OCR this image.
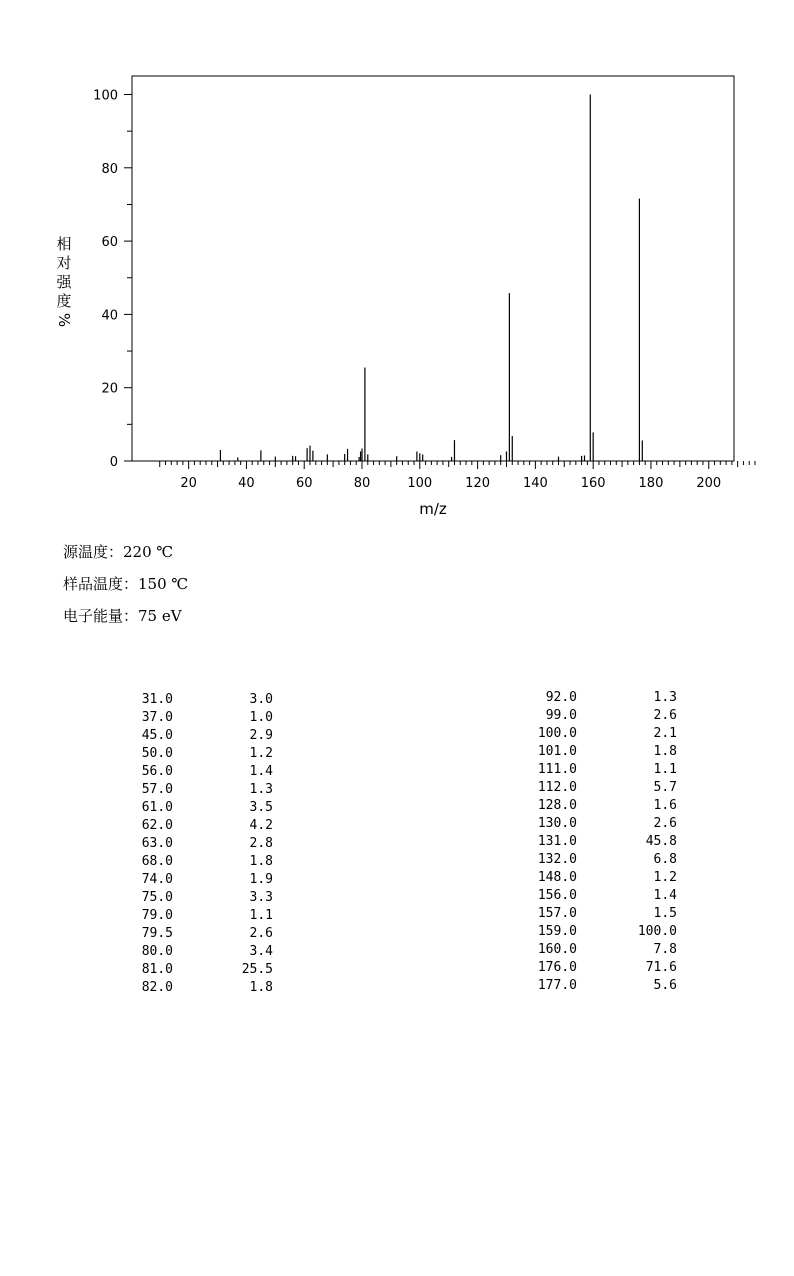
0
20
40
60
80
100
20	40	60	80	100	120	140	160	180	200
m/z
相
对
强
度
%
源温度：220 ℃
样品温度：150 ℃
电子能量：75 eV
31.0	3.0
37.0	1.0
45.0	2.9
50.0	1.2
56.0	1.4
57.0	1.3
61.0	3.5
62.0	4.2
63.0	2.8
68.0	1.8
74.0	1.9
75.0	3.3
79.0	1.1
79.5	2.6
80.0	3.4
81.0	25.5
82.0	1.8
92.0	1.3
99.0	2.6
100.0	2.1
101.0	1.8
111.0	1.1
112.0	5.7
128.0	1.6
130.0	2.6
131.0	45.8
132.0	6.8
148.0	1.2
156.0	1.4
157.0	1.5
159.0	100.0
160.0	7.8
176.0	71.6
177.0	5.6
